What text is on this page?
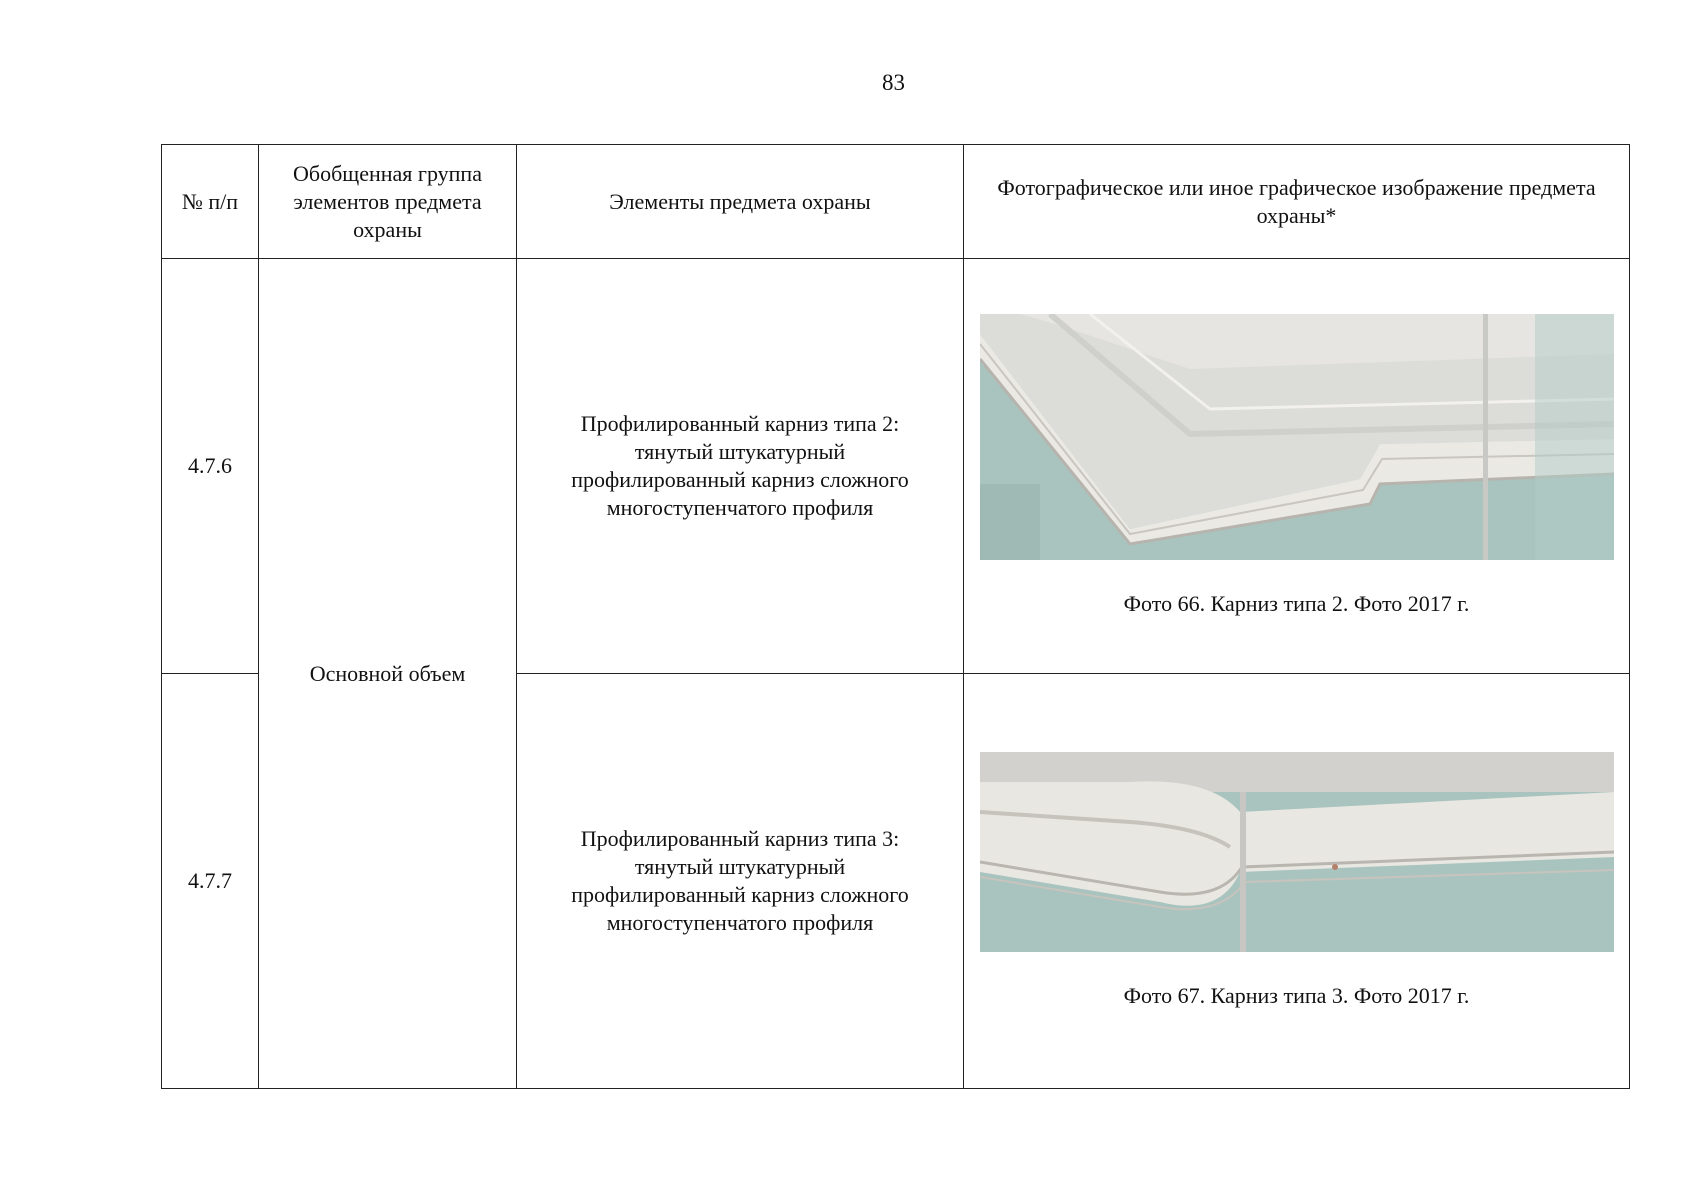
83
№ п/п	Обобщенная группа элементов предмета охраны	Элементы предмета охраны	Фотографическое или иное графическое изображение предмета охраны*
4.7.6	Основной объем	Профилированный карниз типа 2: тянутый штукатурный профилированный карниз сложного многоступенчатого профиля	Фото 66. Карниз типа 2. Фото 2017 г.

4.7.7		Профилированный карниз типа 3: тянутый штукатурный профилированный карниз сложного многоступенчатого профиля	Фото 67. Карниз типа 3. Фото 2017 г.
